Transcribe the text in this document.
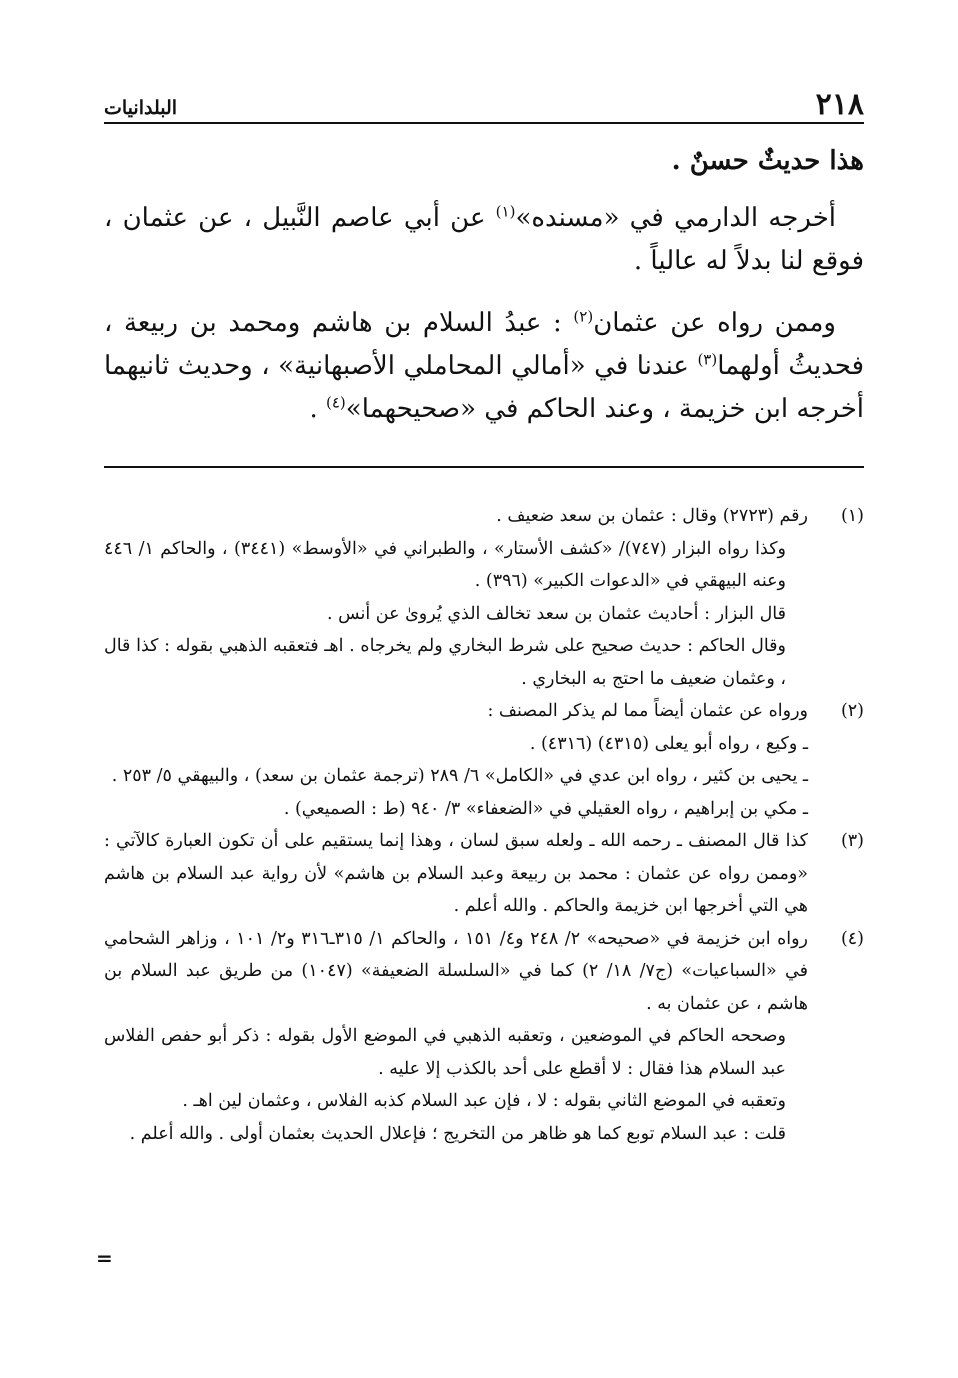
٢١٨
البلدانيات

هذا حديثٌ حسنٌ .

أخرجه الدارمي في «مسنده»$^{(١)}$ عن أبي عاصم النَّبيل ، عن عثمان ، فوقع لنا بدلاً له عالياً .

وممن رواه عن عثمان$^{(٢)}$ : عبدُ السلام بن هاشم ومحمد بن ربيعة ، فحديثُ أولهما$^{(٣)}$ عندنا في «أمالي المحاملي الأصبهانية» ، وحديث ثانيهما أخرجه ابن خزيمة ، وعند الحاكم في «صحيحهما»$^{(٤)}$ .

(١)

رقم (٢٧٢٣) وقال : عثمان بن سعد ضعيف .

وكذا رواه البزار (٧٤٧)/ «كشف الأستار» ، والطبراني في «الأوسط» (٣٤٤١) ، والحاكم ١/ ٤٤٦ وعنه البيهقي في «الدعوات الكبير» (٣٩٦) .

قال البزار : أحاديث عثمان بن سعد تخالف الذي يُروىٰ عن أنس .

وقال الحاكم : حديث صحيح على شرط البخاري ولم يخرجاه . اهـ فتعقبه الذهبي بقوله : كذا قال ، وعثمان ضعيف ما احتج به البخاري .

(٢)

ورواه عن عثمان أيضاً مما لم يذكر المصنف :

ـ وكيع ، رواه أبو يعلى (٤٣١٥) (٤٣١٦) .

ـ يحيى بن كثير ، رواه ابن عدي في «الكامل» ٦/ ٢٨٩ (ترجمة عثمان بن سعد) ، والبيهقي ٥/ ٢٥٣ .

ـ مكي بن إبراهيم ، رواه العقيلي في «الضعفاء» ٣/ ٩٤٠ (ط : الصميعي) .

(٣)

كذا قال المصنف ـ رحمه الله ـ ولعله سبق لسان ، وهذا إنما يستقيم على أن تكون العبارة كالآتي : «وممن رواه عن عثمان : محمد بن ربيعة وعبد السلام بن هاشم» لأن رواية عبد السلام بن هاشم هي التي أخرجها ابن خزيمة والحاكم . والله أعلم .

(٤)

رواه ابن خزيمة في «صحيحه» ٢/ ٢٤٨ و٤/ ١٥١ ، والحاكم ١/ ٣١٥ـ٣١٦ و٢/ ١٠١ ، وزاهر الشحامي في «السباعيات» (ج٧/ ١٨/ ٢) كما في «السلسلة الضعيفة» (١٠٤٧) من طريق عبد السلام بن هاشم ، عن عثمان به .

وصححه الحاكم في الموضعين ، وتعقبه الذهبي في الموضع الأول بقوله : ذكر أبو حفص الفلاس عبد السلام هذا فقال : لا أقطع على أحد بالكذب إلا عليه .

وتعقبه في الموضع الثاني بقوله : لا ، فإن عبد السلام كذبه الفلاس ، وعثمان لين اهـ .

قلت : عبد السلام توبع كما هو ظاهر من التخريج ؛ فإعلال الحديث بعثمان أولى . والله أعلم .

=
